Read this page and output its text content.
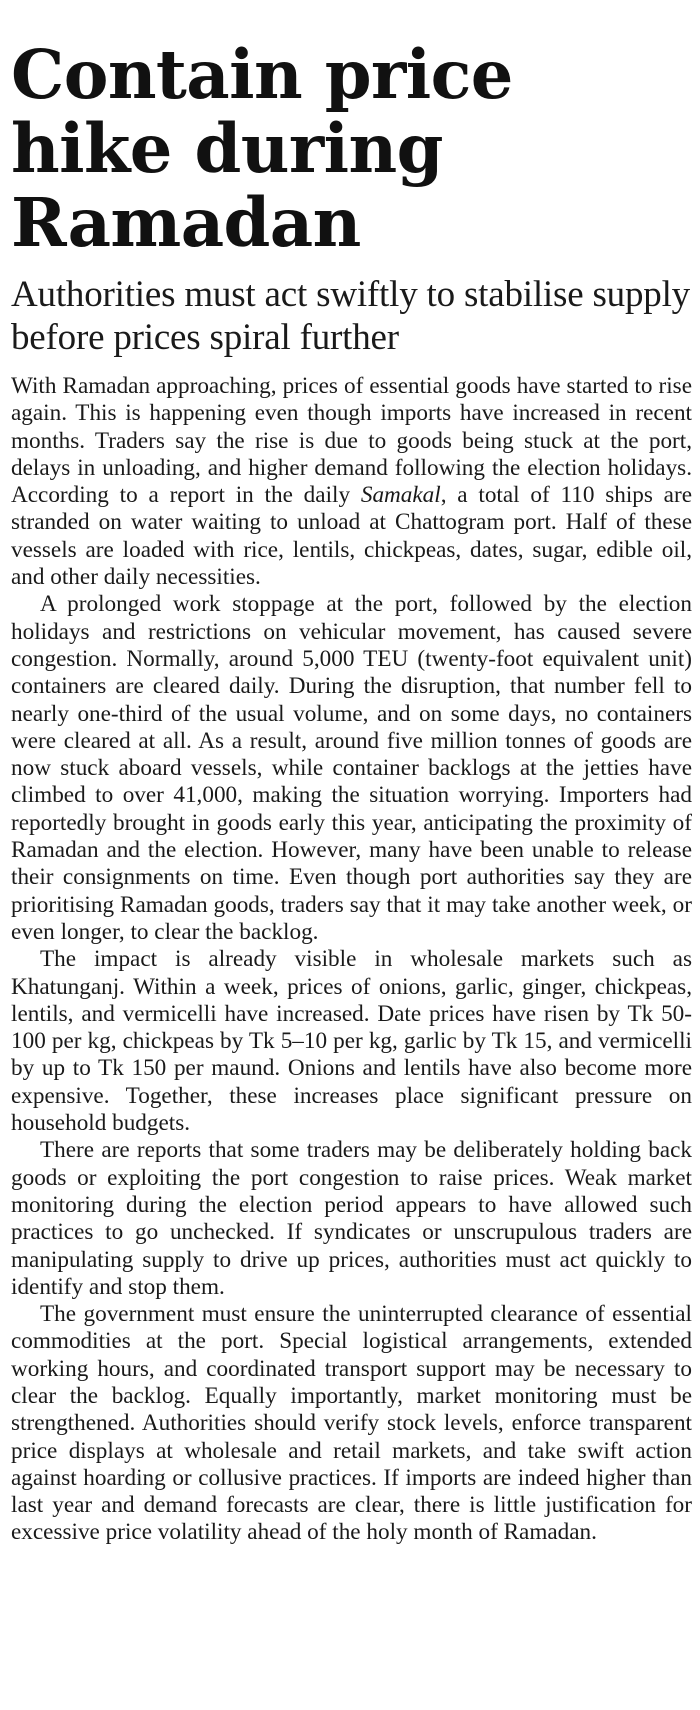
Contain price hike during Ramadan
Authorities must act swiftly to stabilise supply before prices spiral further

With Ramadan approaching, prices of essential goods have started to rise again. This is happening even though imports have increased in recent months. Traders say the rise is due to goods being stuck at the port, delays in unloading, and higher demand following the election holidays. According to a report in the daily Samakal, a total of 110 ships are stranded on water waiting to unload at Chattogram port. Half of these vessels are loaded with rice, lentils, chickpeas, dates, sugar, edible oil, and other daily necessities.

A prolonged work stoppage at the port, followed by the election holidays and restrictions on vehicular movement, has caused severe congestion. Normally, around 5,000 TEU (twenty-foot equivalent unit) containers are cleared daily. During the disruption, that number fell to nearly one-third of the usual volume, and on some days, no containers were cleared at all. As a result, around five million tonnes of goods are now stuck aboard vessels, while container backlogs at the jetties have climbed to over 41,000, making the situation worrying. Importers had reportedly brought in goods early this year, anticipating the proximity of Ramadan and the election. However, many have been unable to release their consignments on time. Even though port authorities say they are prioritising Ramadan goods, traders say that it may take another week, or even longer, to clear the backlog.

The impact is already visible in wholesale markets such as Khatunganj. Within a week, prices of onions, garlic, ginger, chickpeas, lentils, and vermicelli have increased. Date prices have risen by Tk 50-100 per kg, chickpeas by Tk 5–10 per kg, garlic by Tk 15, and vermicelli by up to Tk 150 per maund. Onions and lentils have also become more expensive. Together, these increases place significant pressure on household budgets.

There are reports that some traders may be deliberately holding back goods or exploiting the port congestion to raise prices. Weak market monitoring during the election period appears to have allowed such practices to go unchecked. If syndicates or unscrupulous traders are manipulating supply to drive up prices, authorities must act quickly to identify and stop them.

The government must ensure the uninterrupted clearance of essential commodities at the port. Special logistical arrangements, extended working hours, and coordinated transport support may be necessary to clear the backlog. Equally importantly, market monitoring must be strengthened. Authorities should verify stock levels, enforce transparent price displays at wholesale and retail markets, and take swift action against hoarding or collusive practices. If imports are indeed higher than last year and demand forecasts are clear, there is little justification for excessive price volatility ahead of the holy month of Ramadan.
